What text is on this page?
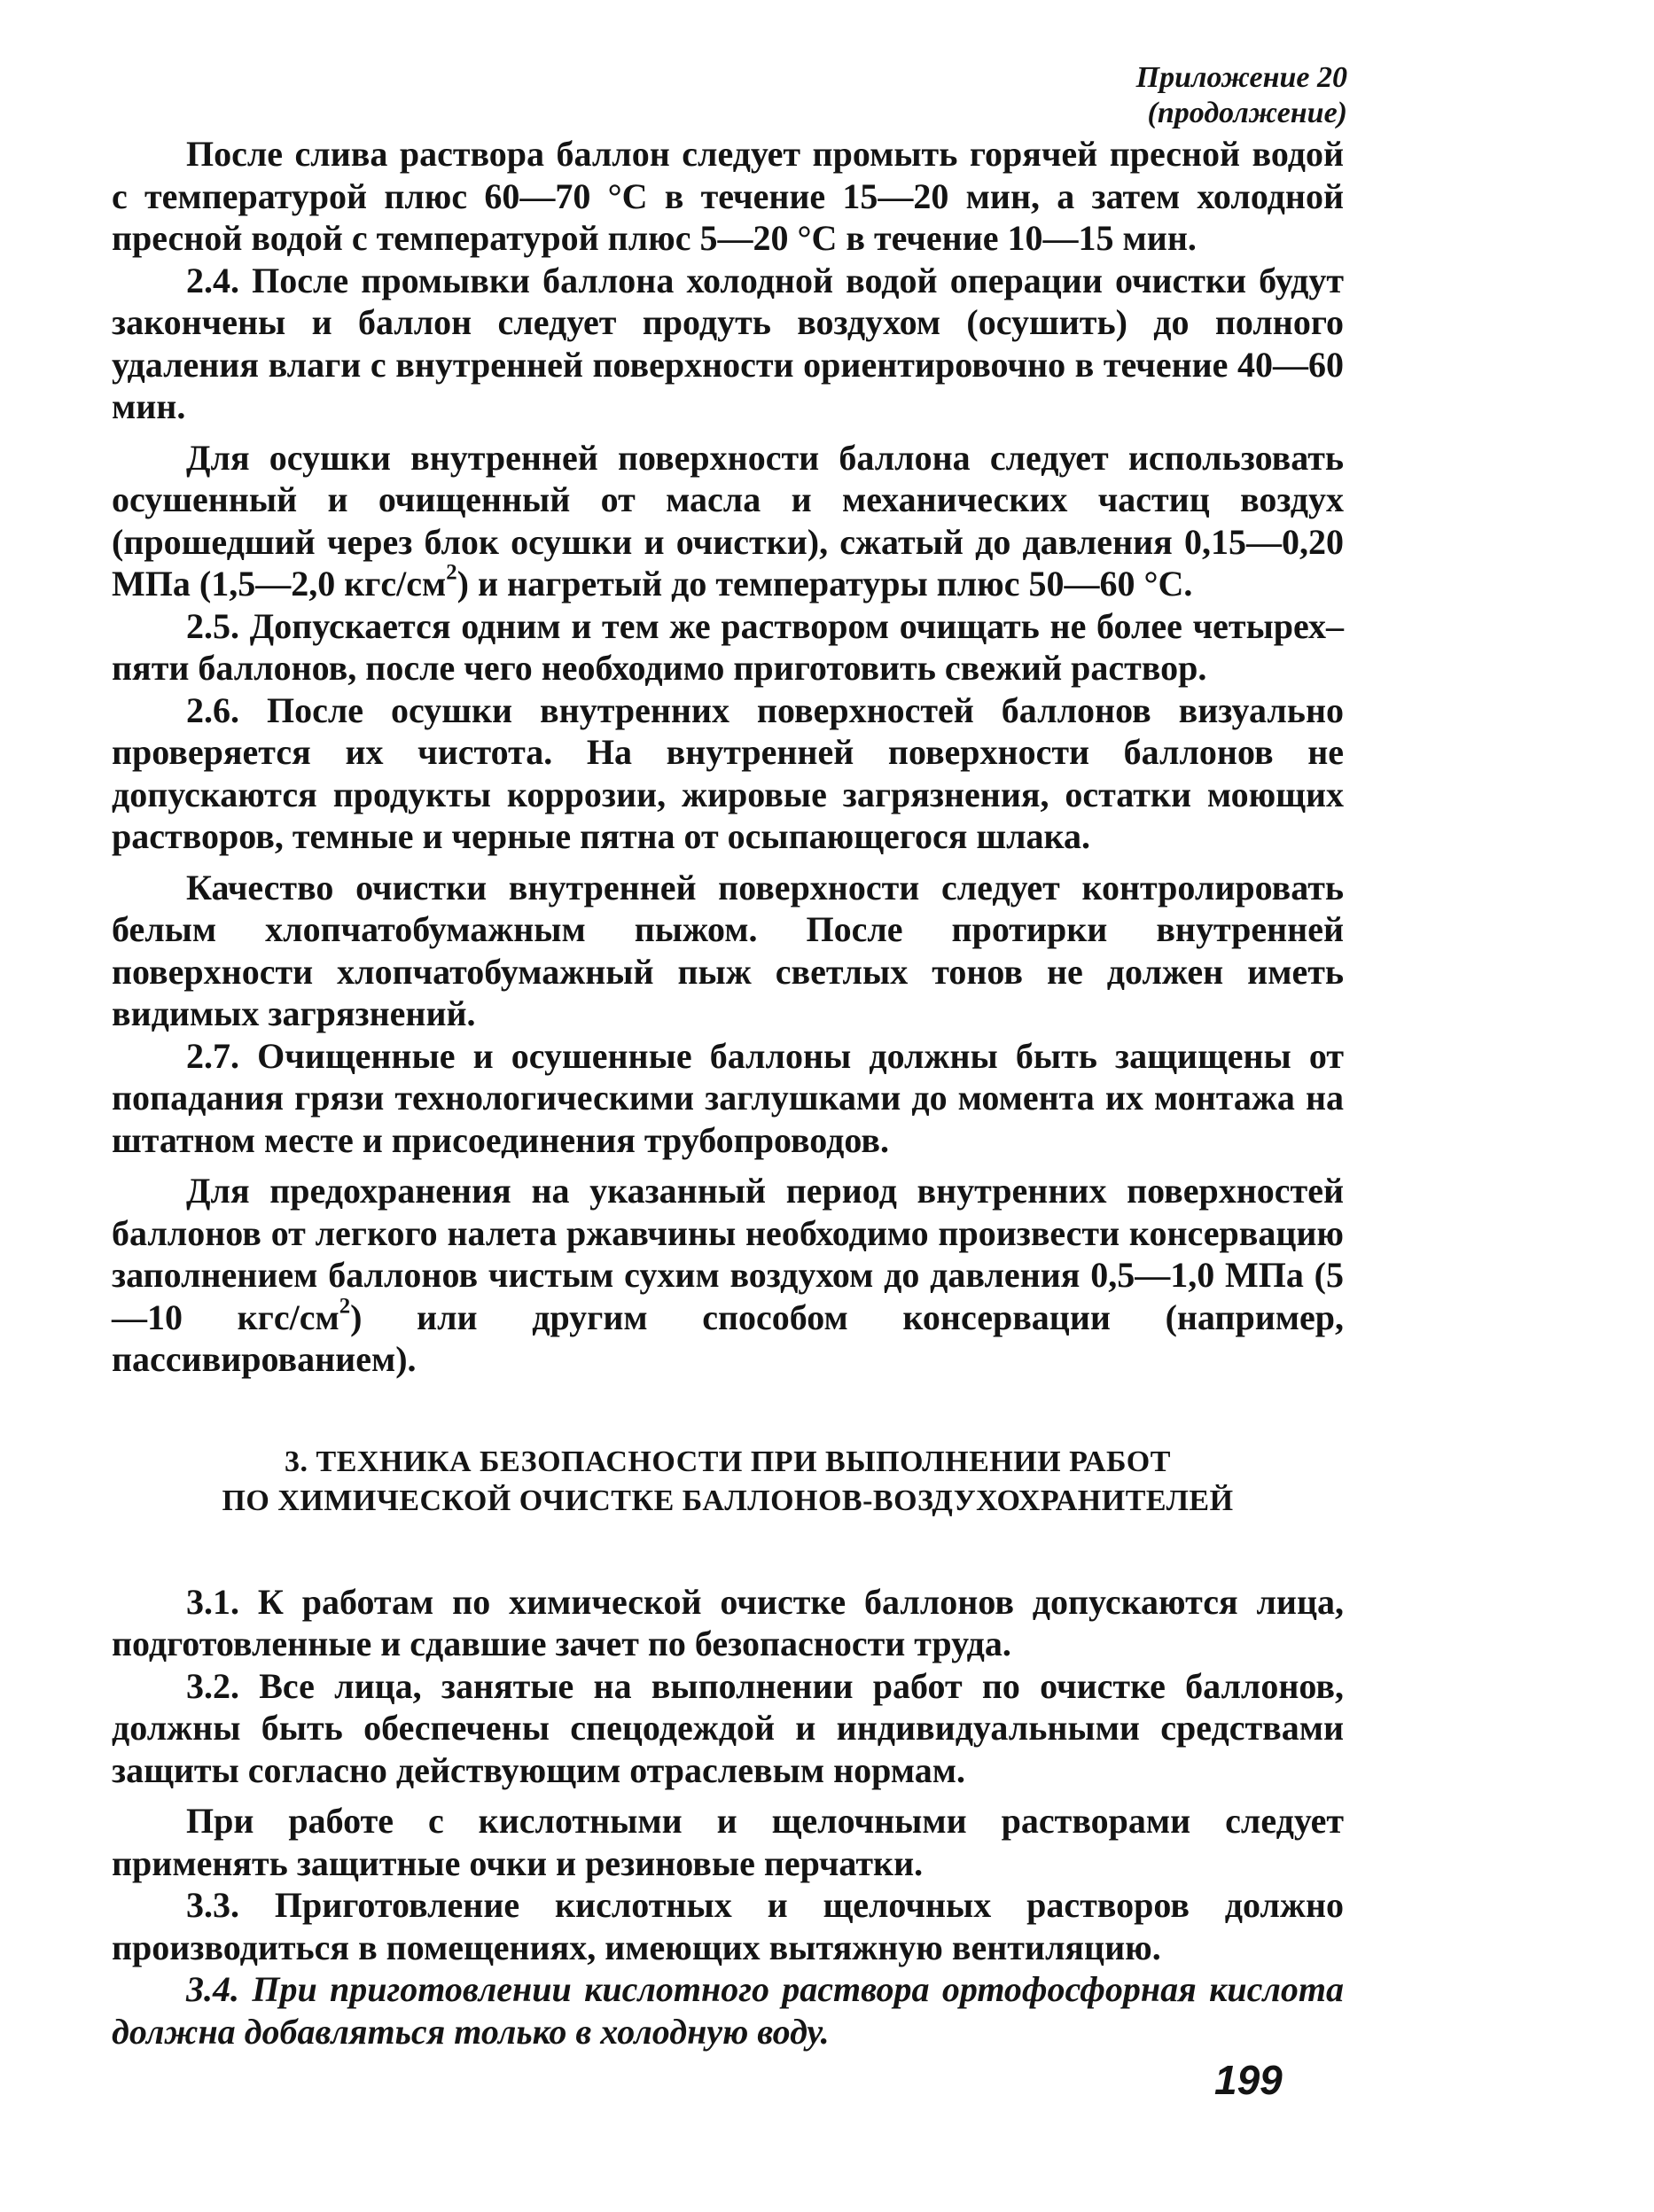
Приложение 20
(продолжение)

После слива раствора баллон следует промыть горячей пресной водой с температурой плюс 60—70 °С в течение 15—20 мин, а затем холодной пресной водой с температурой плюс 5—20 °С в течение 10—15 мин.

2.4. После промывки баллона холодной водой операции очистки будут закончены и баллон следует продуть воздухом (осушить) до полного удаления влаги с внутренней поверхности ориентировочно в течение 40—60 мин.

Для осушки внутренней поверхности баллона следует использовать осушенный и очищенный от масла и механических частиц воздух (прошедший через блок осушки и очистки), сжатый до давления 0,15—0,20 МПа (1,5—2,0 кгс/$см^2$) и нагретый до температуры плюс 50—60 °С.

2.5. Допускается одним и тем же раствором очищать не более четырех–пяти баллонов, после чего необходимо приготовить свежий раствор.

2.6. После осушки внутренних поверхностей баллонов визуально проверяется их чистота. На внутренней поверхности баллонов не допускаются продукты коррозии, жировые загрязнения, остатки моющих растворов, темные и черные пятна от осыпающегося шлака.

Качество очистки внутренней поверхности следует контролировать белым хлопчатобумажным пыжом. После протирки внутренней поверхности хлопчатобумажный пыж светлых тонов не должен иметь видимых загрязнений.

2.7. Очищенные и осушенные баллоны должны быть защищены от попадания грязи технологическими заглушками до момента их монтажа на штатном месте и присоединения трубопроводов.

Для предохранения на указанный период внутренних поверхностей баллонов от легкого налета ржавчины необходимо произвести консервацию заполнением баллонов чистым сухим воздухом до давления 0,5—1,0 МПа (5—10 кгс/$см^2$) или другим способом консервации (например, пассивированием).

3. ТЕХНИКА БЕЗОПАСНОСТИ ПРИ ВЫПОЛНЕНИИ РАБОТ
ПО ХИМИЧЕСКОЙ ОЧИСТКЕ БАЛЛОНОВ-ВОЗДУХОХРАНИТЕЛЕЙ

3.1. К работам по химической очистке баллонов допускаются лица, подготовленные и сдавшие зачет по безопасности труда.

3.2. Все лица, занятые на выполнении работ по очистке баллонов, должны быть обеспечены спецодеждой и индивидуальными средствами защиты согласно действующим отраслевым нормам.

При работе с кислотными и щелочными растворами следует применять защитные очки и резиновые перчатки.

3.3. Приготовление кислотных и щелочных растворов должно производиться в помещениях, имеющих вытяжную вентиляцию.

3.4. При приготовлении кислотного раствора ортофосфорная кислота должна добавляться только в холодную воду.

199
